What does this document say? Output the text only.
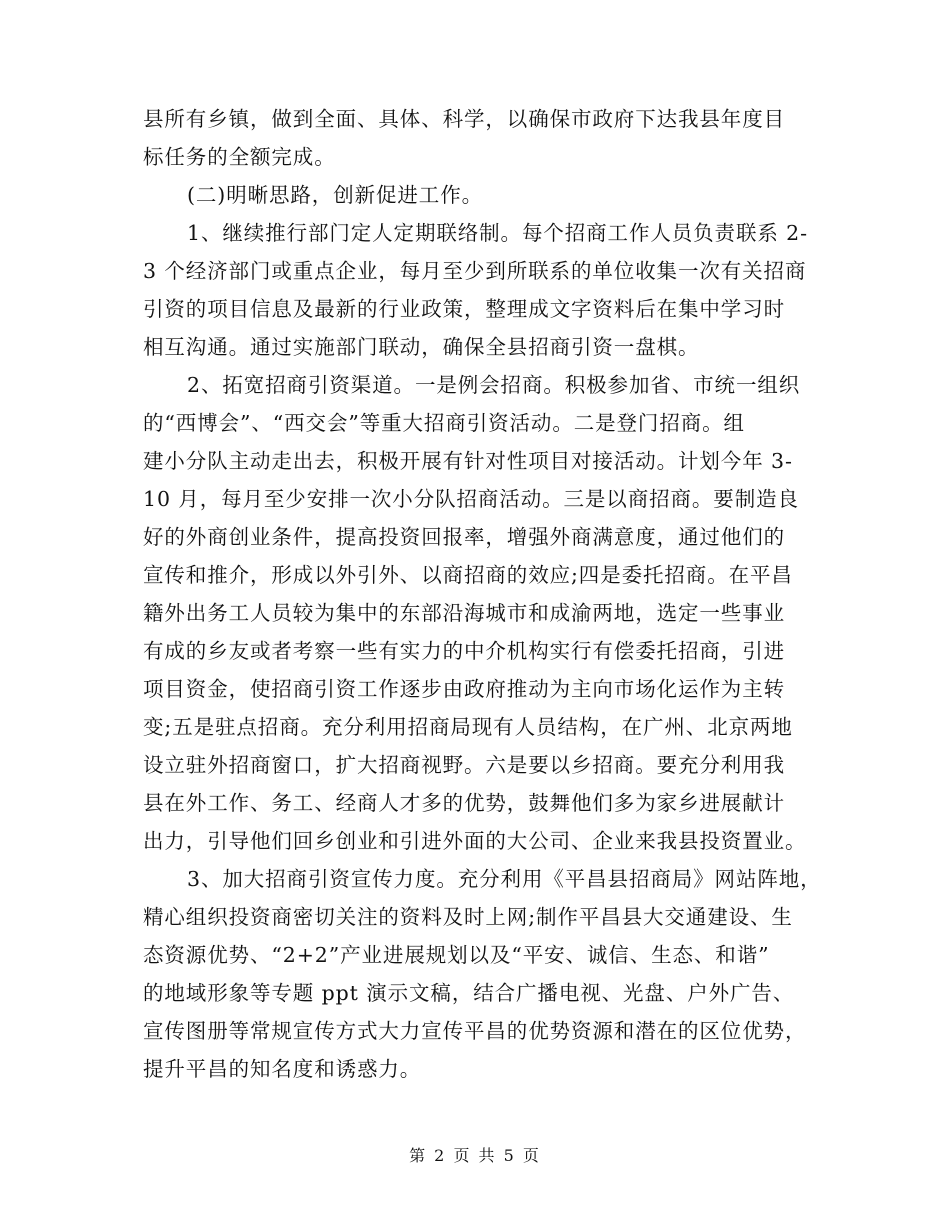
县所有乡镇，做到全面、具体、科学，以确保市政府下达我县年度目
标任务的全额完成。
(二)明晰思路，创新促进工作。
1、继续推行部门定人定期联络制。每个招商工作人员负责联系 2-
3 个经济部门或重点企业，每月至少到所联系的单位收集一次有关招商
引资的项目信息及最新的行业政策，整理成文字资料后在集中学习时
相互沟通。通过实施部门联动，确保全县招商引资一盘棋。
2、拓宽招商引资渠道。一是例会招商。积极参加省、市统一组织
的“西博会”、“西交会”等重大招商引资活动。二是登门招商。组
建小分队主动走出去，积极开展有针对性项目对接活动。计划今年 3-
10 月，每月至少安排一次小分队招商活动。三是以商招商。要制造良
好的外商创业条件，提高投资回报率，增强外商满意度，通过他们的
宣传和推介，形成以外引外、以商招商的效应;四是委托招商。在平昌
籍外出务工人员较为集中的东部沿海城市和成渝两地，选定一些事业
有成的乡友或者考察一些有实力的中介机构实行有偿委托招商，引进
项目资金，使招商引资工作逐步由政府推动为主向市场化运作为主转
变;五是驻点招商。充分利用招商局现有人员结构，在广州、北京两地
设立驻外招商窗口，扩大招商视野。六是要以乡招商。要充分利用我
县在外工作、务工、经商人才多的优势，鼓舞他们多为家乡进展献计
出力，引导他们回乡创业和引进外面的大公司、企业来我县投资置业。
3、加大招商引资宣传力度。充分利用《平昌县招商局》网站阵地，
精心组织投资商密切关注的资料及时上网;制作平昌县大交通建设、生
态资源优势、“2+2”产业进展规划以及“平安、诚信、生态、和谐”
的地域形象等专题 ppt 演示文稿，结合广播电视、光盘、户外广告、
宣传图册等常规宣传方式大力宣传平昌的优势资源和潜在的区位优势，
提升平昌的知名度和诱惑力。
第 2 页 共 5 页
